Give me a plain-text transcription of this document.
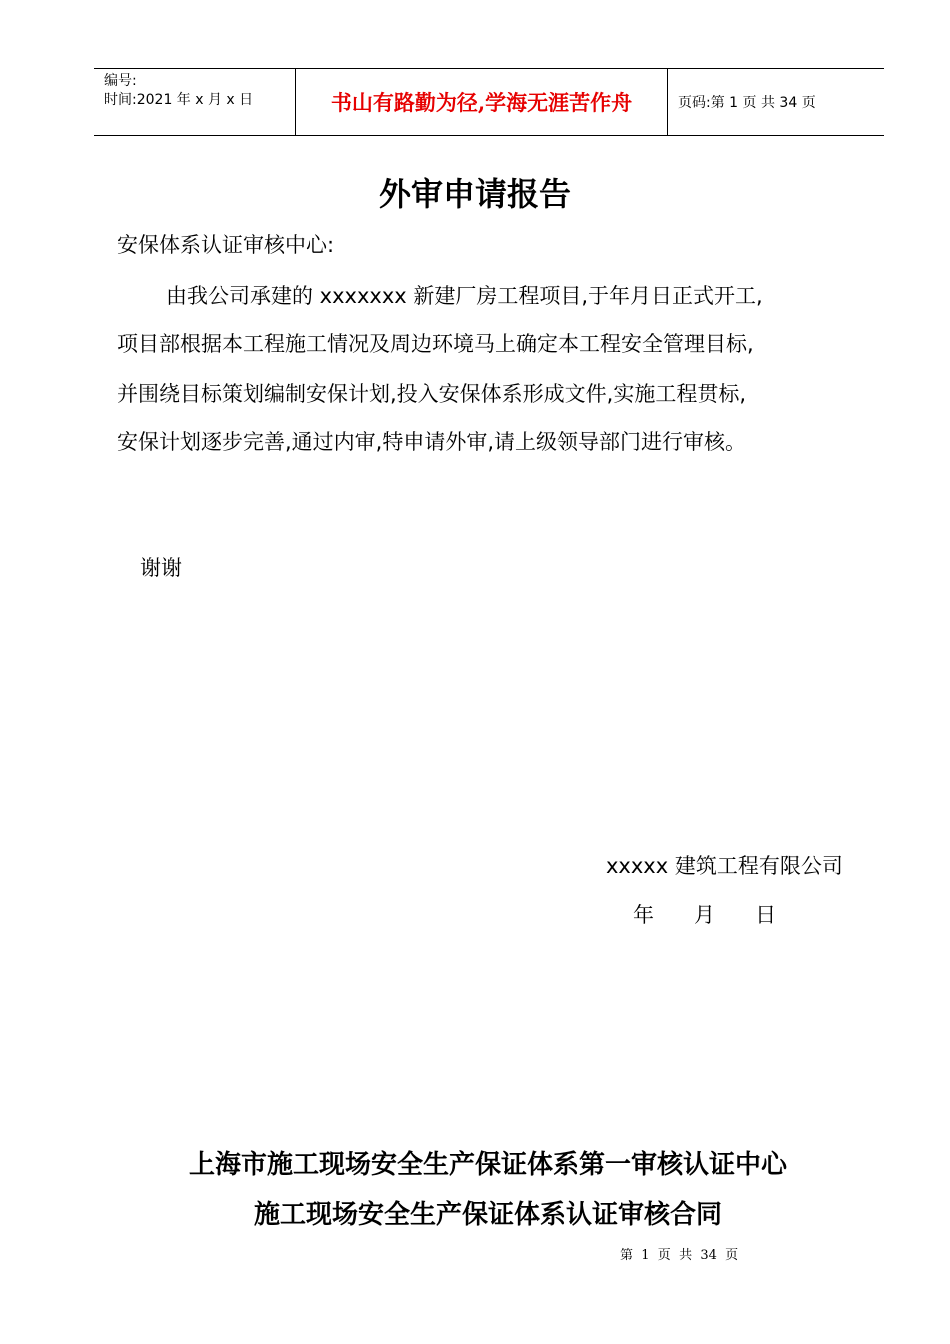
编号:
时间:2021 年 x 月 x 日	书山有路勤为径,学海无涯苦作舟	页码:第 1 页 共 34 页
外审申请报告
安保体系认证审核中心:
由我公司承建的 xxxxxxx 新建厂房工程项目,于年月日正式开工,
项目部根据本工程施工情况及周边环境马上确定本工程安全管理目标,
并围绕目标策划编制安保计划,投入安保体系形成文件,实施工程贯标,
安保计划逐步完善,通过内审,特申请外审,请上级领导部门进行审核。
谢谢
xxxxx 建筑工程有限公司
年      月      日
上海市施工现场安全生产保证体系第一审核认证中心
施工现场安全生产保证体系认证审核合同
第  1  页  共  34  页
